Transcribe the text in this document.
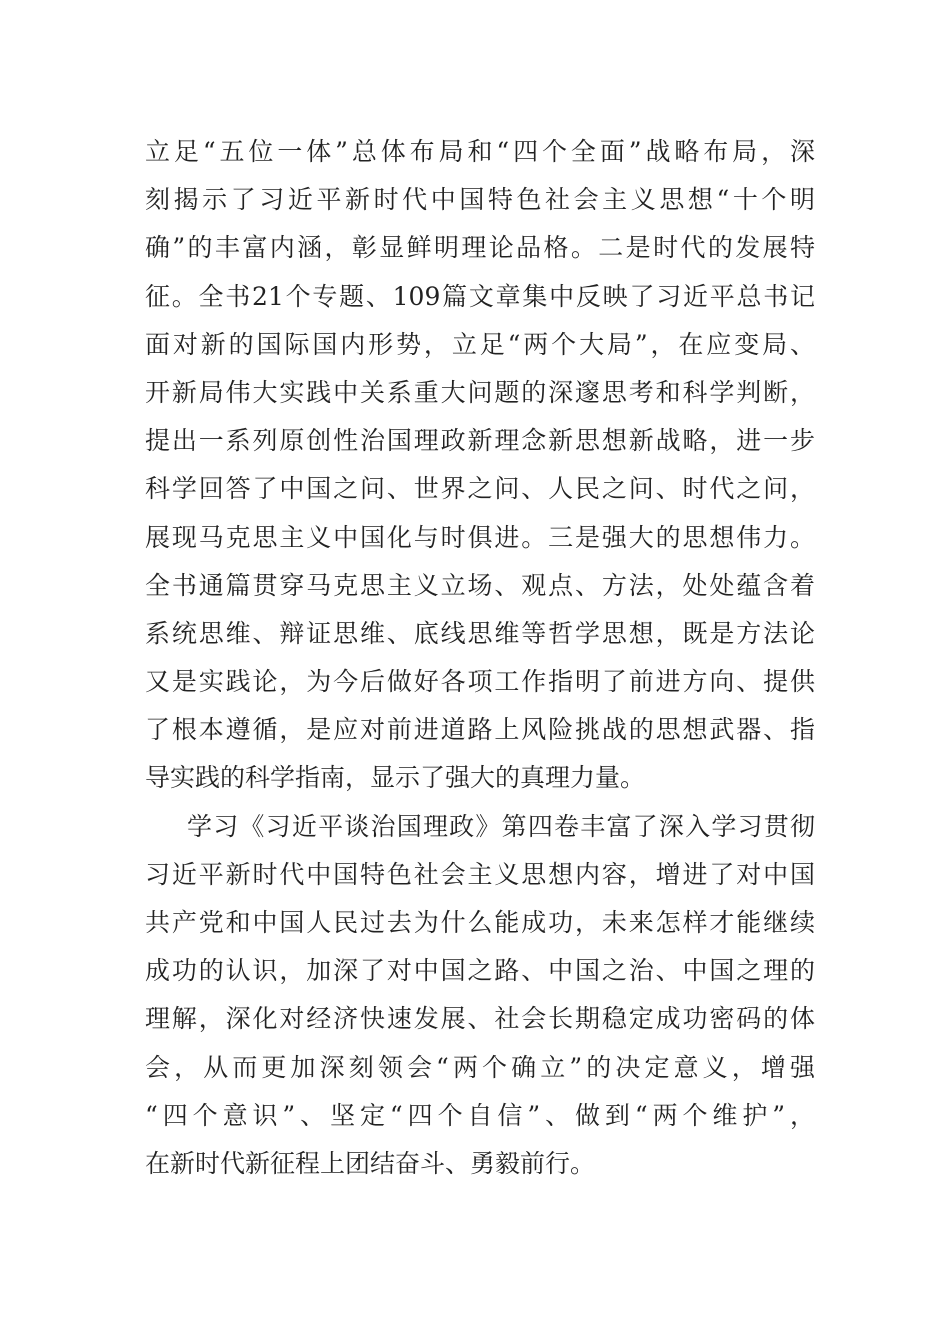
立足“五位一体”总体布局和“四个全面”战略布局，深
刻揭示了习近平新时代中国特色社会主义思想“十个明
确”的丰富内涵，彰显鲜明理论品格。二是时代的发展特
征。全书21个专题、109篇文章集中反映了习近平总书记
面对新的国际国内形势，立足“两个大局”，在应变局、
开新局伟大实践中关系重大问题的深邃思考和科学判断，
提出一系列原创性治国理政新理念新思想新战略，进一步
科学回答了中国之问、世界之问、人民之问、时代之问，
展现马克思主义中国化与时俱进。三是强大的思想伟力。
全书通篇贯穿马克思主义立场、观点、方法，处处蕴含着
系统思维、辩证思维、底线思维等哲学思想，既是方法论
又是实践论，为今后做好各项工作指明了前进方向、提供
了根本遵循，是应对前进道路上风险挑战的思想武器、指
导实践的科学指南，显示了强大的真理力量。
学习《习近平谈治国理政》第四卷丰富了深入学习贯彻
习近平新时代中国特色社会主义思想内容，增进了对中国
共产党和中国人民过去为什么能成功，未来怎样才能继续
成功的认识，加深了对中国之路、中国之治、中国之理的
理解，深化对经济快速发展、社会长期稳定成功密码的体
会，从而更加深刻领会“两个确立”的决定意义，增强
“四个意识”、坚定“四个自信”、做到“两个维护”，
在新时代新征程上团结奋斗、勇毅前行。
